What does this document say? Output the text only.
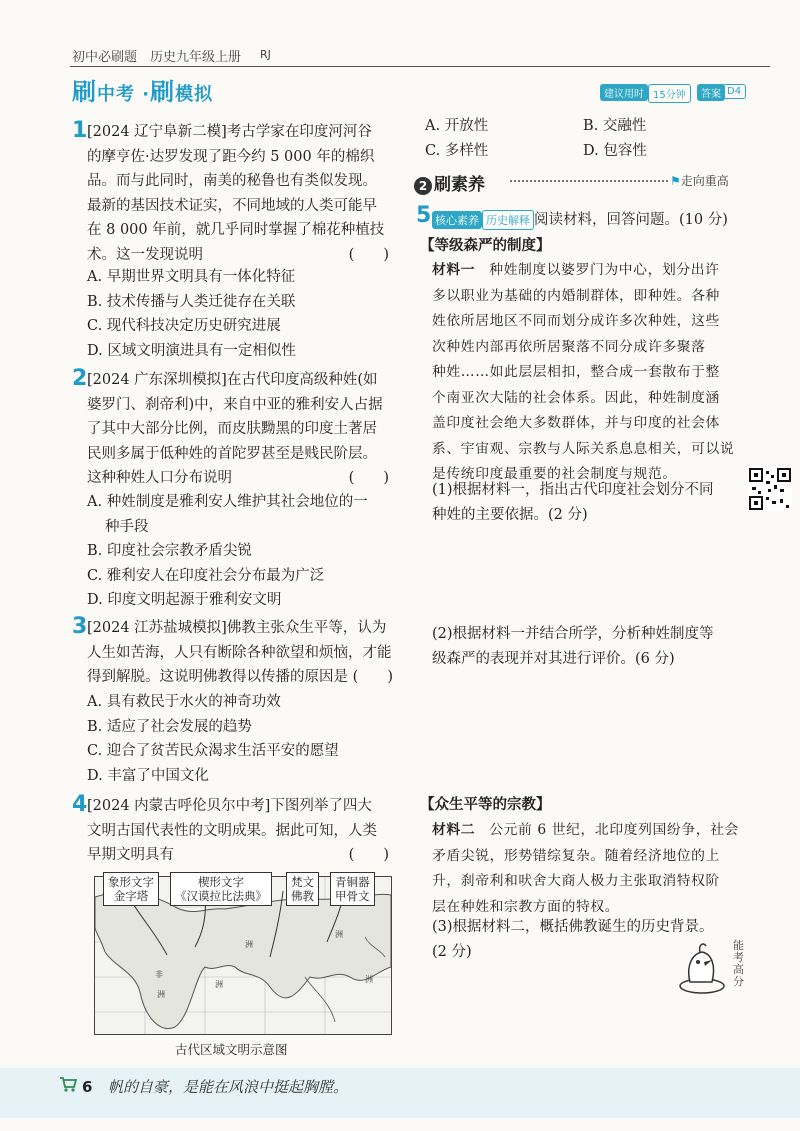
初中必刷题 历史九年级上册 RJ
刷中考 ·刷模拟	建议用时 15分钟	答案 D4
1 [2024 辽宁阜新二模]考古学家在印度河河谷
的摩亨佐·达罗发现了距今约 5 000 年的棉织
品。而与此同时，南美的秘鲁也有类似发现。
最新的基因技术证实，不同地域的人类可能早
在 8 000 年前，就几乎同时掌握了棉花种植技
术。这一发现说明	(　　)
A. 早期世界文明具有一体化特征
B. 技术传播与人类迁徙存在关联
C. 现代科技决定历史研究进展
D. 区域文明演进具有一定相似性
2 [2024 广东深圳模拟]在古代印度高级种姓(如
婆罗门、刹帝利)中，来自中亚的雅利安人占据
了其中大部分比例，而皮肤黝黑的印度土著居
民则多属于低种姓的首陀罗甚至是贱民阶层。
这种种姓人口分布说明	(　　)
A. 种姓制度是雅利安人维护其社会地位的一
种手段
B. 印度社会宗教矛盾尖锐
C. 雅利安人在印度社会分布最为广泛
D. 印度文明起源于雅利安文明
3 [2024 江苏盐城模拟]佛教主张众生平等，认为
人生如苦海，人只有断除各种欲望和烦恼，才能
得到解脱。这说明佛教得以传播的原因是 (　　)
A. 具有救民于水火的神奇功效
B. 适应了社会发展的趋势
C. 迎合了贫苦民众渴求生活平安的愿望
D. 丰富了中国文化
4 [2024 内蒙古呼伦贝尔中考]下图列举了四大
文明古国代表性的文明成果。据此可知，人类
早期文明具有	(　　)
洲
洲
洲
洲
非
洲
象形文字
金字塔
楔形文字
《汉谟拉比法典》
梵文
佛教
青铜器
甲骨文
古代区域文明示意图
A. 开放性	B. 交融性
C. 多样性	D. 包容性
2 刷素养	⚑走向重高
5 核心素养 历史解释 阅读材料，回答问题。(10 分)
【等级森严的制度】
材料一 种姓制度以婆罗门为中心，划分出许
多以职业为基础的内婚制群体，即种姓。各种
姓依所居地区不同而划分成许多次种姓，这些
次种姓内部再依所居聚落不同分成许多聚落
种姓……如此层层相扣，整合成一套散布于整
个南亚次大陆的社会体系。因此，种姓制度涵
盖印度社会绝大多数群体，并与印度的社会体
系、宇宙观、宗教与人际关系息息相关，可以说
是传统印度最重要的社会制度与规范。
(1)根据材料一，指出古代印度社会划分不同
种姓的主要依据。(2 分)
(2)根据材料一并结合所学，分析种姓制度等
级森严的表现并对其进行评价。(6 分)
【众生平等的宗教】
材料二 公元前 6 世纪，北印度列国纷争，社会
矛盾尖锐，形势错综复杂。随着经济地位的上
升，刹帝利和吠舍大商人极力主张取消特权阶
层在种姓和宗教方面的特权。
(3)根据材料二，概括佛教诞生的历史背景。
(2 分)	能考高分
6 帆的自豪，是能在风浪中挺起胸膛。
